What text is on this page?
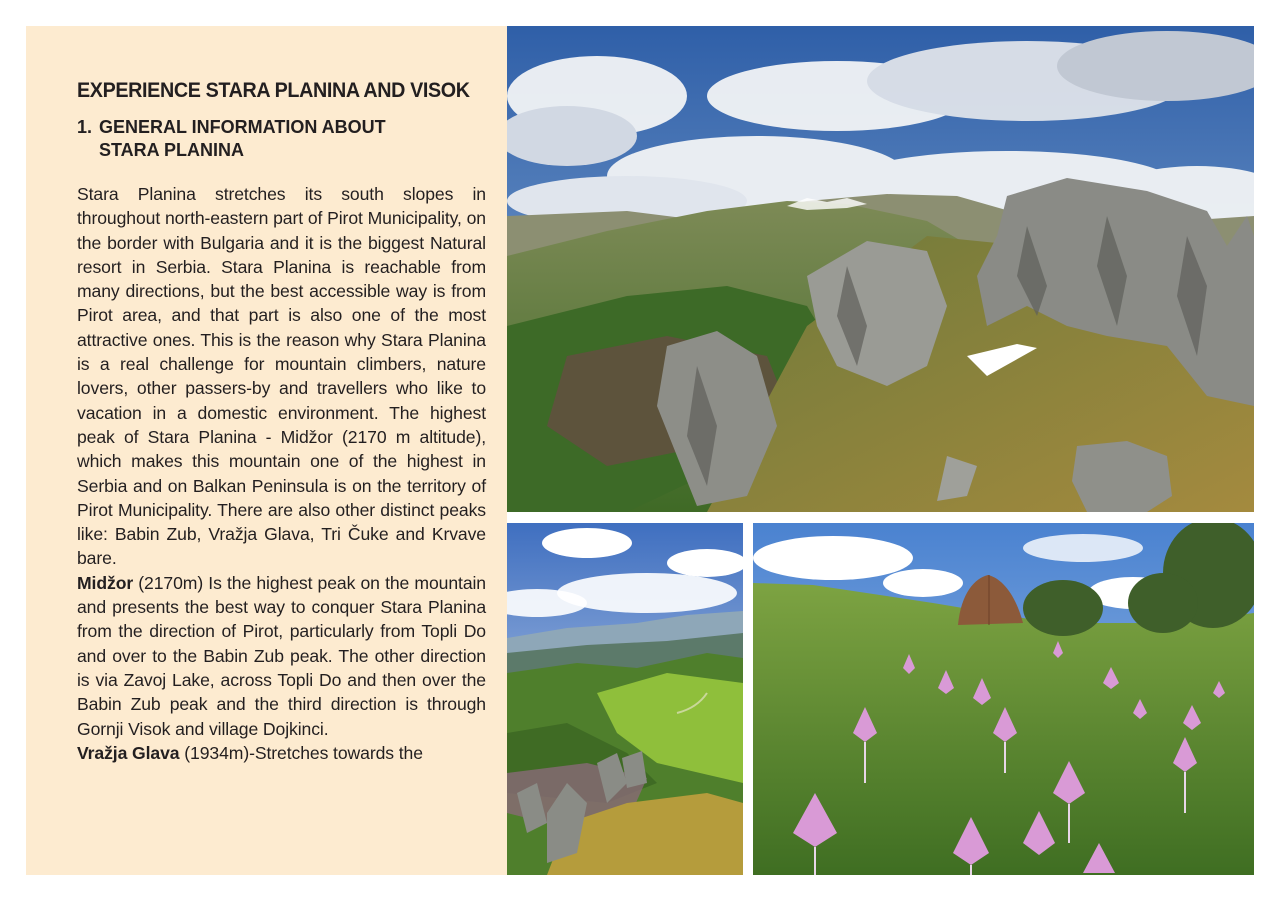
EXPERIENCE STARA PLANINA AND VISOK
1. GENERAL INFORMATION ABOUT
STARA PLANINA

Stara Planina stretches its south slopes in throughout north-eastern part of Pirot Municipality, on the border with Bulgaria and it is the biggest Natural resort in Serbia. Stara Planina is reachable from many directions, but the best accessible way is from Pirot area, and that part is also one of the most attractive ones. This is the reason why Stara Planina is a real challenge for mountain climbers, nature lovers, other passers-by and travellers who like to vacation in a domestic environment. The highest peak of Stara Planina - Midžor (2170 m altitude), which makes this mountain one of the highest in Serbia and on Balkan Peninsula is on the territory of Pirot Municipality. There are also other distinct peaks like: Babin Zub, Vražja Glava, Tri Čuke and Krvave bare.

Midžor (2170m) Is the highest peak on the mountain and presents the best way to conquer Stara Planina from the direction of Pirot, particularly from Topli Do and over to the Babin Zub peak. The other direction is via Zavoj Lake, across Topli Do and then over the Babin Zub peak and the third direction is through Gornji Visok and village Dojkinci.

Vražja Glava (1934m)-Stretches towards the
